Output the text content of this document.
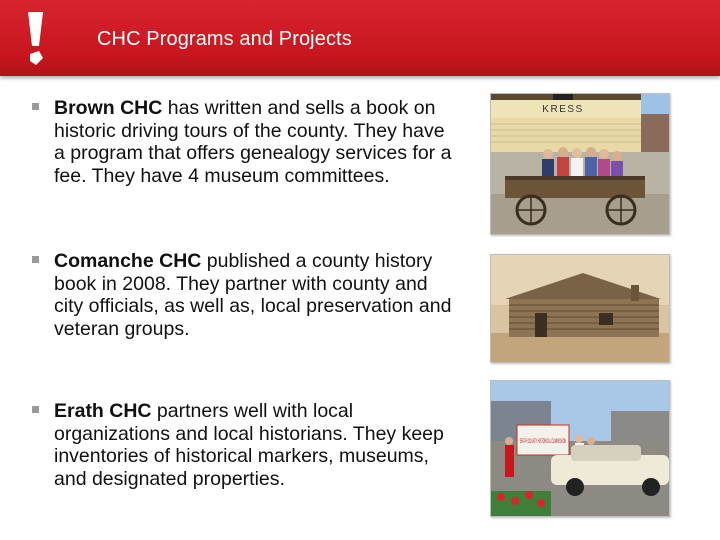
CHC Programs and Projects
Brown CHC has written and sells a book on historic driving tours of the county. They have a program that offers genealogy services for a fee. They have 4 museum committees.
Comanche CHC published a county history book in 2008. They partner with county and city officials, as well as, local preservation and veteran groups.
Erath CHC partners well with local organizations and local historians. They keep inventories of historical markers, museums, and designated properties.
KRESS
ERATH COUNTY HISTORICAL COMMISSION
